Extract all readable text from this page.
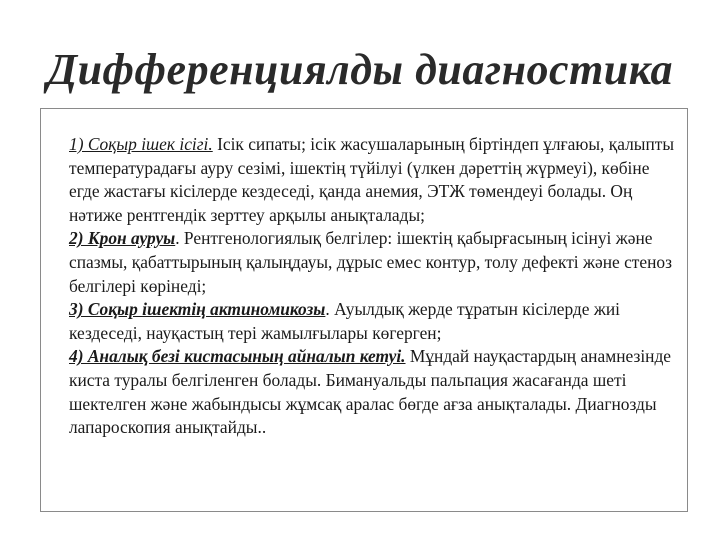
Дифференциялды диагностика

1) Соқыр ішек ісігі. Ісік сипаты; ісік жасушаларының біртіндеп ұлғаюы, қалыпты температурадағы ауру сезімі, ішектің түйілуі (үлкен дәреттің жүрмеуі), көбіне егде жастағы кісілерде кездеседі, қанда анемия, ЭТЖ төмендеуі болады. Оң нәтиже рентгендік зерттеу арқылы анықталады;
2) Крон ауруы. Рентгенологиялық белгілер: ішектің қабырғасының ісінуі және спазмы, қабаттырының қалыңдауы, дұрыс емес контур, толу дефекті және стеноз белгілері көрінеді;
3) Соқыр ішектің актиномикозы. Ауылдық жерде тұратын кісілерде жиі кездеседі, науқастың тері жамылғылары көгерген;
4) Аналық безі кистасының айналып кетуі. Мұндай науқастардың анамнезінде киста туралы белгіленген болады. Бимануальды пальпация жасағанда шеті шектелген және жабындысы жұмсақ аралас бөгде ағза анықталады. Диагнозды лапароскопия анықтайды..
